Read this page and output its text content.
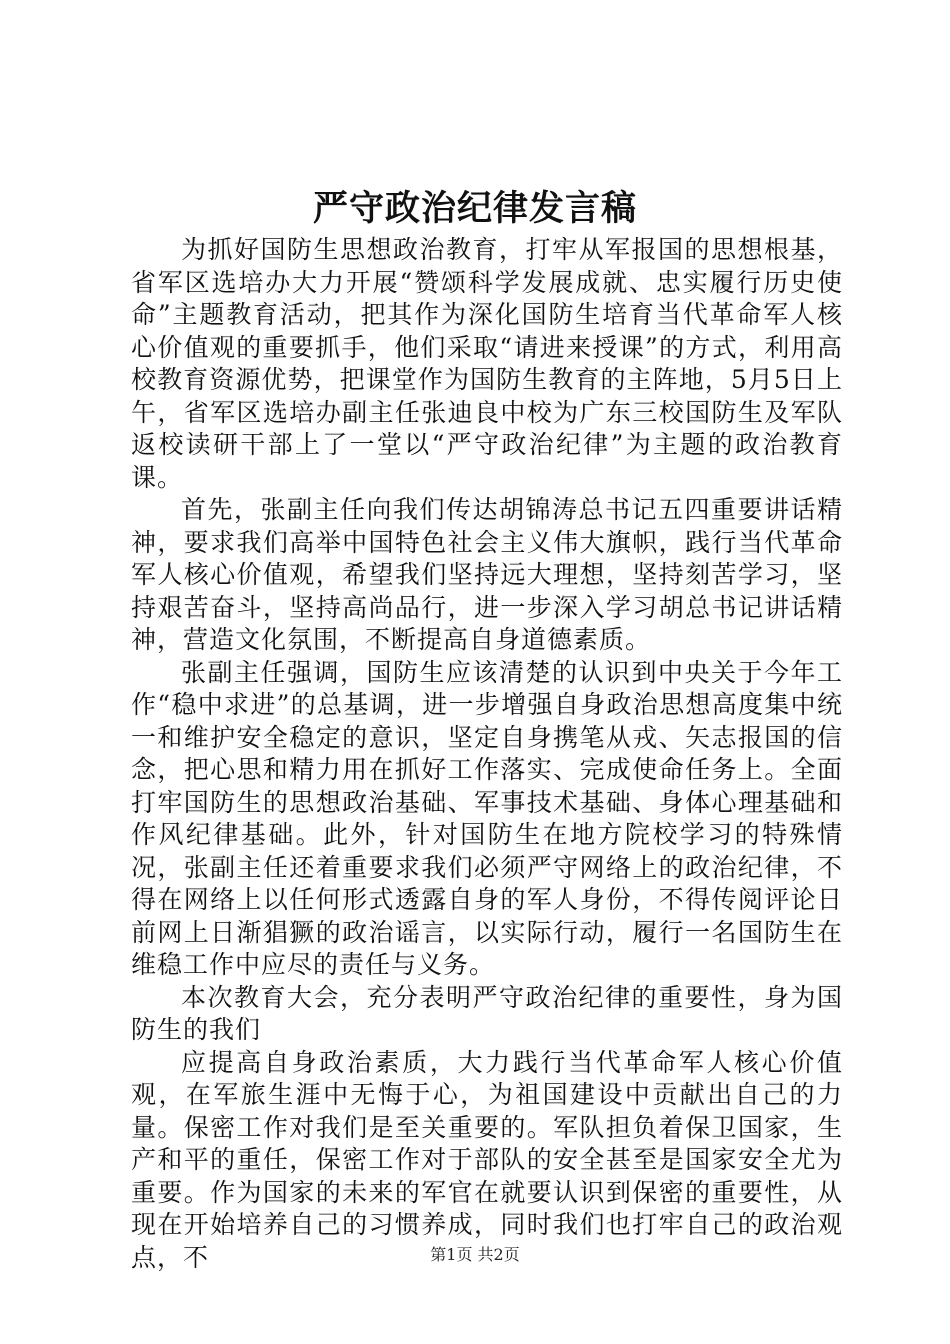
严守政治纪律发言稿

为抓好国防生思想政治教育，打牢从军报国的思想根基，省军区选培办大力开展“赞颂科学发展成就、忠实履行历史使命”主题教育活动，把其作为深化国防生培育当代革命军人核心价值观的重要抓手，他们采取“请进来授课”的方式，利用高校教育资源优势，把课堂作为国防生教育的主阵地，5月5日上午，省军区选培办副主任张迪良中校为广东三校国防生及军队返校读研干部上了一堂以“严守政治纪律”为主题的政治教育课。

首先，张副主任向我们传达胡锦涛总书记五四重要讲话精神，要求我们高举中国特色社会主义伟大旗帜，践行当代革命军人核心价值观，希望我们坚持远大理想，坚持刻苦学习，坚持艰苦奋斗，坚持高尚品行，进一步深入学习胡总书记讲话精神，营造文化氛围，不断提高自身道德素质。

张副主任强调，国防生应该清楚的认识到中央关于今年工作“稳中求进”的总基调，进一步增强自身政治思想高度集中统一和维护安全稳定的意识，坚定自身携笔从戎、矢志报国的信念，把心思和精力用在抓好工作落实、完成使命任务上。全面打牢国防生的思想政治基础、军事技术基础、身体心理基础和作风纪律基础。此外，针对国防生在地方院校学习的特殊情况，张副主任还着重要求我们必须严守网络上的政治纪律，不得在网络上以任何形式透露自身的军人身份，不得传阅评论日前网上日渐猖獗的政治谣言，以实际行动，履行一名国防生在维稳工作中应尽的责任与义务。

本次教育大会，充分表明严守政治纪律的重要性，身为国防生的我们

应提高自身政治素质，大力践行当代革命军人核心价值观，在军旅生涯中无悔于心，为祖国建设中贡献出自己的力量。保密工作对我们是至关重要的。军队担负着保卫国家，生产和平的重任，保密工作对于部队的安全甚至是国家安全尤为重要。作为国家的未来的军官在就要认识到保密的重要性，从现在开始培养自己的习惯养成，同时我们也打牢自己的政治观点，不	第1页 共2页
